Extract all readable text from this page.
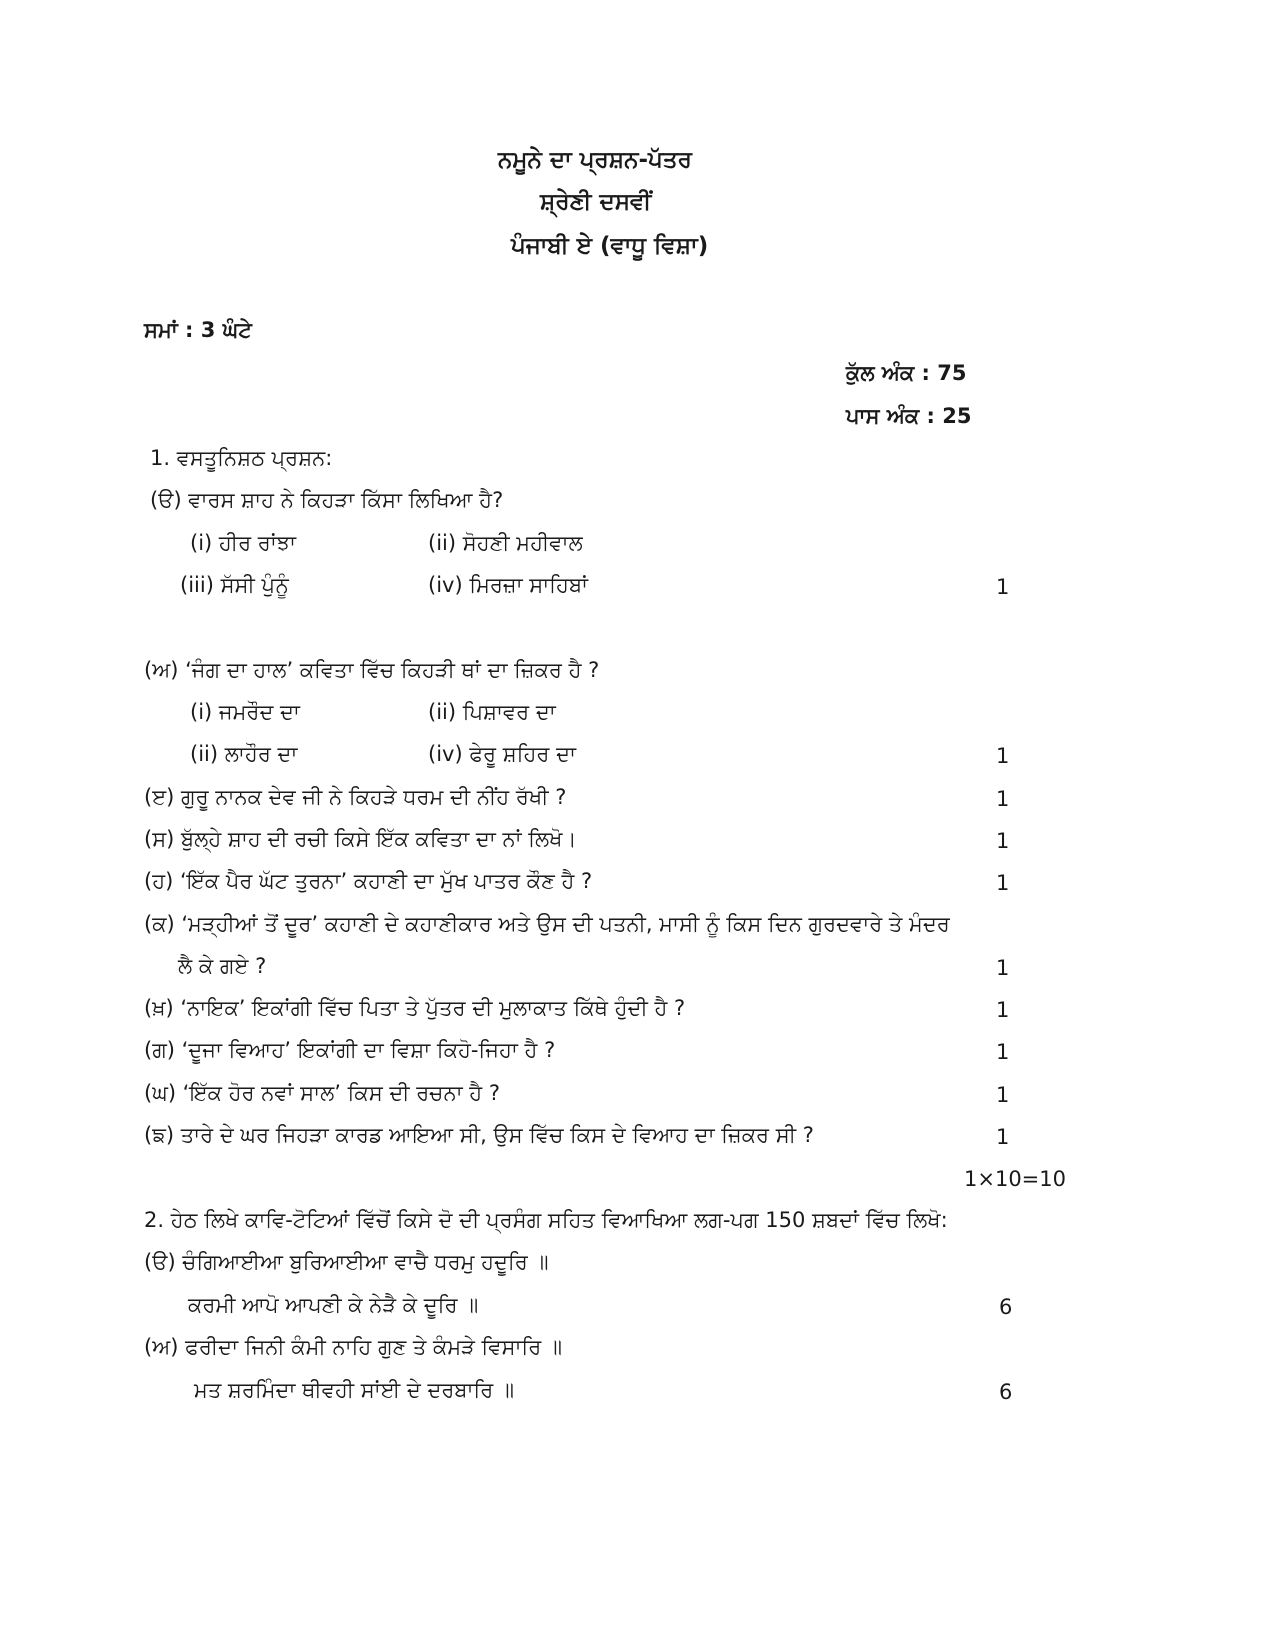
ਨਮੂਨੇ ਦਾ ਪ੍ਰਸ਼ਨ-ਪੱਤਰ
ਸ਼੍ਰੇਣੀ ਦਸਵੀਂ
ਪੰਜਾਬੀ ਏ (ਵਾਧੂ ਵਿਸ਼ਾ)
ਸਮਾਂ : 3 ਘੰਟੇ
ਕੁੱਲ ਅੰਕ : 75
ਪਾਸ ਅੰਕ : 25
1. ਵਸਤੂਨਿਸ਼ਠ ਪ੍ਰਸ਼ਨ:
(ੳ) ਵਾਰਸ ਸ਼ਾਹ ਨੇ ਕਿਹੜਾ ਕਿੱਸਾ ਲਿਖਿਆ ਹੈ?
(i) ਹੀਰ ਰਾਂਝਾ	(ii) ਸੋਹਣੀ ਮਹੀਵਾਲ
(iii) ਸੱਸੀ ਪੁੰਨੂੰ	(iv) ਮਿਰਜ਼ਾ ਸਾਹਿਬਾਂ	1
(ਅ) ‘ਜੰਗ ਦਾ ਹਾਲ’ ਕਵਿਤਾ ਵਿੱਚ ਕਿਹੜੀ ਥਾਂ ਦਾ ਜ਼ਿਕਰ ਹੈ ?
(i) ਜਮਰੌਦ ਦਾ	(ii) ਪਿਸ਼ਾਵਰ ਦਾ
(ii) ਲਾਹੌਰ ਦਾ	(iv) ਫੇਰੂ ਸ਼ਹਿਰ ਦਾ	1
(ੲ) ਗੁਰੂ ਨਾਨਕ ਦੇਵ ਜੀ ਨੇ ਕਿਹੜੇ ਧਰਮ ਦੀ ਨੀਂਹ ਰੱਖੀ ?	1
(ਸ) ਬੁੱਲ੍ਹੇ ਸ਼ਾਹ ਦੀ ਰਚੀ ਕਿਸੇ ਇੱਕ ਕਵਿਤਾ ਦਾ ਨਾਂ ਲਿਖੋ।	1
(ਹ) ‘ਇੱਕ ਪੈਰ ਘੱਟ ਤੁਰਨਾ’ ਕਹਾਣੀ ਦਾ ਮੁੱਖ ਪਾਤਰ ਕੌਣ ਹੈ ?	1
(ਕ) ‘ਮੜ੍ਹੀਆਂ ਤੋਂ ਦੂਰ’ ਕਹਾਣੀ ਦੇ ਕਹਾਣੀਕਾਰ ਅਤੇ ਉਸ ਦੀ ਪਤਨੀ, ਮਾਸੀ ਨੂੰ ਕਿਸ ਦਿਨ ਗੁਰਦਵਾਰੇ ਤੇ ਮੰਦਰ
ਲੈ ਕੇ ਗਏ ?	1
(ਖ਼) ‘ਨਾਇਕ’ ਇਕਾਂਗੀ ਵਿੱਚ ਪਿਤਾ ਤੇ ਪੁੱਤਰ ਦੀ ਮੁਲਾਕਾਤ ਕਿੱਥੇ ਹੁੰਦੀ ਹੈ ?	1
(ਗ) ‘ਦੂਜਾ ਵਿਆਹ’ ਇਕਾਂਗੀ ਦਾ ਵਿਸ਼ਾ ਕਿਹੋ-ਜਿਹਾ ਹੈ ?	1
(ਘ) ‘ਇੱਕ ਹੋਰ ਨਵਾਂ ਸਾਲ’ ਕਿਸ ਦੀ ਰਚਨਾ ਹੈ ?	1
(ਙ) ਤਾਰੇ ਦੇ ਘਰ ਜਿਹੜਾ ਕਾਰਡ ਆਇਆ ਸੀ, ਉਸ ਵਿੱਚ ਕਿਸ ਦੇ ਵਿਆਹ ਦਾ ਜ਼ਿਕਰ ਸੀ ?	1
1×10=10
2. ਹੇਠ ਲਿਖੇ ਕਾਵਿ-ਟੋਟਿਆਂ ਵਿੱਚੋਂ ਕਿਸੇ ਦੋ ਦੀ ਪ੍ਰਸੰਗ ਸਹਿਤ ਵਿਆਖਿਆ ਲਗ-ਪਗ 150 ਸ਼ਬਦਾਂ ਵਿੱਚ ਲਿਖੋ:
(ੳ) ਚੰਗਿਆਈਆ ਬੁਰਿਆਈਆ ਵਾਚੈ ਧਰਮੁ ਹਦੂਰਿ ॥
ਕਰਮੀ ਆਪੋ ਆਪਣੀ ਕੇ ਨੇੜੈ ਕੇ ਦੂਰਿ ॥	6
(ਅ) ਫਰੀਦਾ ਜਿਨੀ ਕੰਮੀ ਨਾਹਿ ਗੁਣ ਤੇ ਕੰਮੜੇ ਵਿਸਾਰਿ ॥
ਮਤ ਸ਼ਰਮਿੰਦਾ ਥੀਵਹੀ ਸਾਂਈ ਦੇ ਦਰਬਾਰਿ ॥	6
